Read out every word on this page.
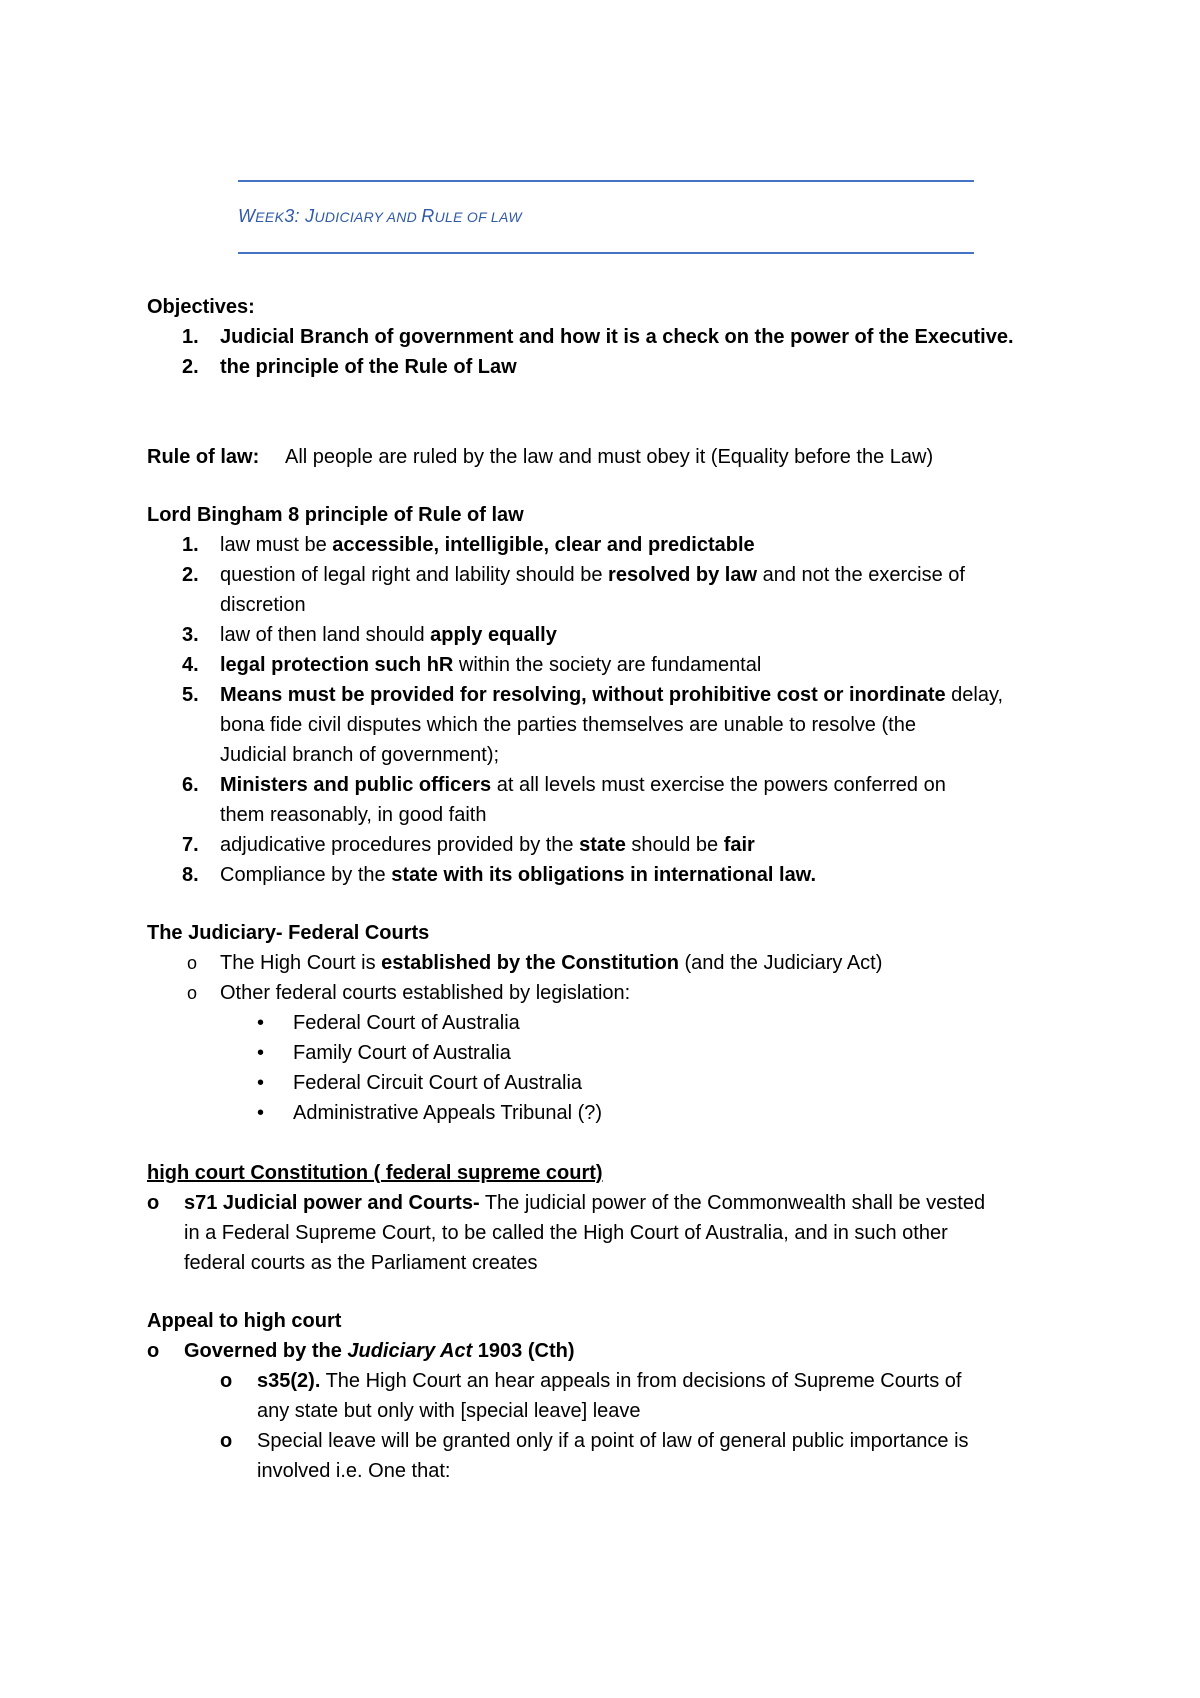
WEEK3: JUDICIARY AND RULE OF LAW
Objectives:
1. Judicial Branch of government and how it is a check on the power of the Executive.
2. the principle of the Rule of Law
Rule of law: All people are ruled by the law and must obey it (Equality before the Law)
Lord Bingham 8 principle of Rule of law
1. law must be accessible, intelligible, clear and predictable
2. question of legal right and lability should be resolved by law and not the exercise of
discretion
3. law of then land should apply equally
4. legal protection such hR within the society are fundamental
5. Means must be provided for resolving, without prohibitive cost or inordinate delay,
bona fide civil disputes which the parties themselves are unable to resolve (the
Judicial branch of government);
6. Ministers and public officers at all levels must exercise the powers conferred on
them reasonably, in good faith
7. adjudicative procedures provided by the state should be fair
8. Compliance by the state with its obligations in international law.
The Judiciary- Federal Courts
o The High Court is established by the Constitution (and the Judiciary Act)
o Other federal courts established by legislation:
• Federal Court of Australia
• Family Court of Australia
• Federal Circuit Court of Australia
• Administrative Appeals Tribunal (?)
high court Constitution ( federal supreme court)
o s71 Judicial power and Courts- The judicial power of the Commonwealth shall be vested
in a Federal Supreme Court, to be called the High Court of Australia, and in such other
federal courts as the Parliament creates
Appeal to high court
o Governed by the Judiciary Act 1903 (Cth)
o s35(2). The High Court an hear appeals in from decisions of Supreme Courts of
any state but only with [special leave] leave
o Special leave will be granted only if a point of law of general public importance is
involved i.e. One that:
